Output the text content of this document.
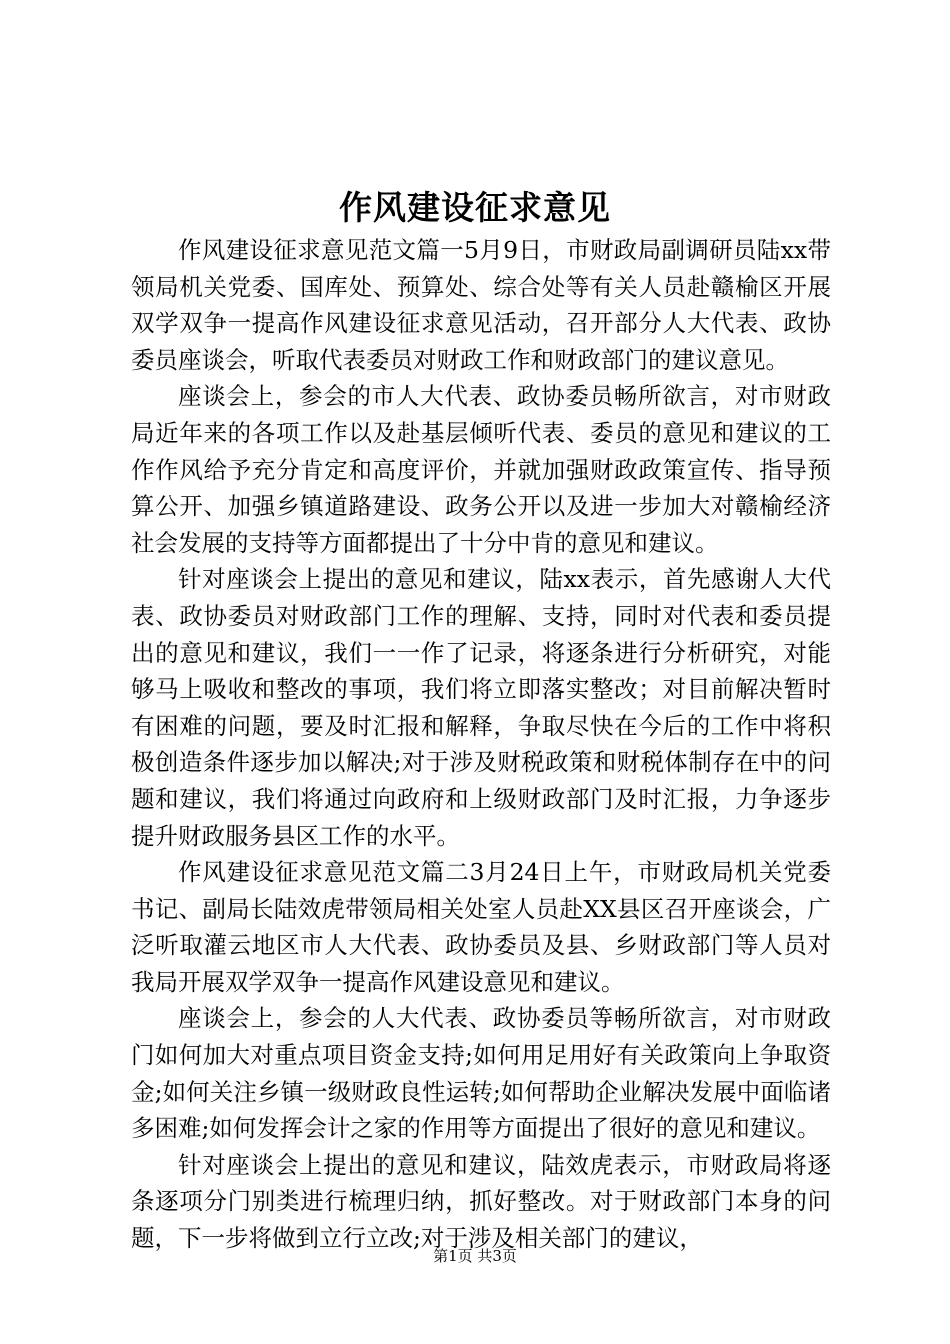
作风建设征求意见

作风建设征求意见范文篇一5月9日，市财政局副调研员陆xx带领局机关党委、国库处、预算处、综合处等有关人员赴赣榆区开展双学双争一提高作风建设征求意见活动，召开部分人大代表、政协委员座谈会，听取代表委员对财政工作和财政部门的建议意见。

座谈会上，参会的市人大代表、政协委员畅所欲言，对市财政局近年来的各项工作以及赴基层倾听代表、委员的意见和建议的工作作风给予充分肯定和高度评价，并就加强财政政策宣传、指导预算公开、加强乡镇道路建设、政务公开以及进一步加大对赣榆经济社会发展的支持等方面都提出了十分中肯的意见和建议。

针对座谈会上提出的意见和建议，陆xx表示，首先感谢人大代表、政协委员对财政部门工作的理解、支持，同时对代表和委员提出的意见和建议，我们一一作了记录，将逐条进行分析研究，对能够马上吸收和整改的事项，我们将立即落实整改；对目前解决暂时有困难的问题，要及时汇报和解释，争取尽快在今后的工作中将积极创造条件逐步加以解决;对于涉及财税政策和财税体制存在中的问题和建议，我们将通过向政府和上级财政部门及时汇报，力争逐步提升财政服务县区工作的水平。

作风建设征求意见范文篇二3月24日上午，市财政局机关党委书记、副局长陆效虎带领局相关处室人员赴XX县区召开座谈会，广泛听取灌云地区市人大代表、政协委员及县、乡财政部门等人员对我局开展双学双争一提高作风建设意见和建议。

座谈会上，参会的人大代表、政协委员等畅所欲言，对市财政门如何加大对重点项目资金支持;如何用足用好有关政策向上争取资金;如何关注乡镇一级财政良性运转;如何帮助企业解决发展中面临诸多困难;如何发挥会计之家的作用等方面提出了很好的意见和建议。

针对座谈会上提出的意见和建议，陆效虎表示，市财政局将逐条逐项分门别类进行梳理归纳，抓好整改。对于财政部门本身的问题，下一步将做到立行立改;对于涉及相关部门的建议，

第1页 共3页
